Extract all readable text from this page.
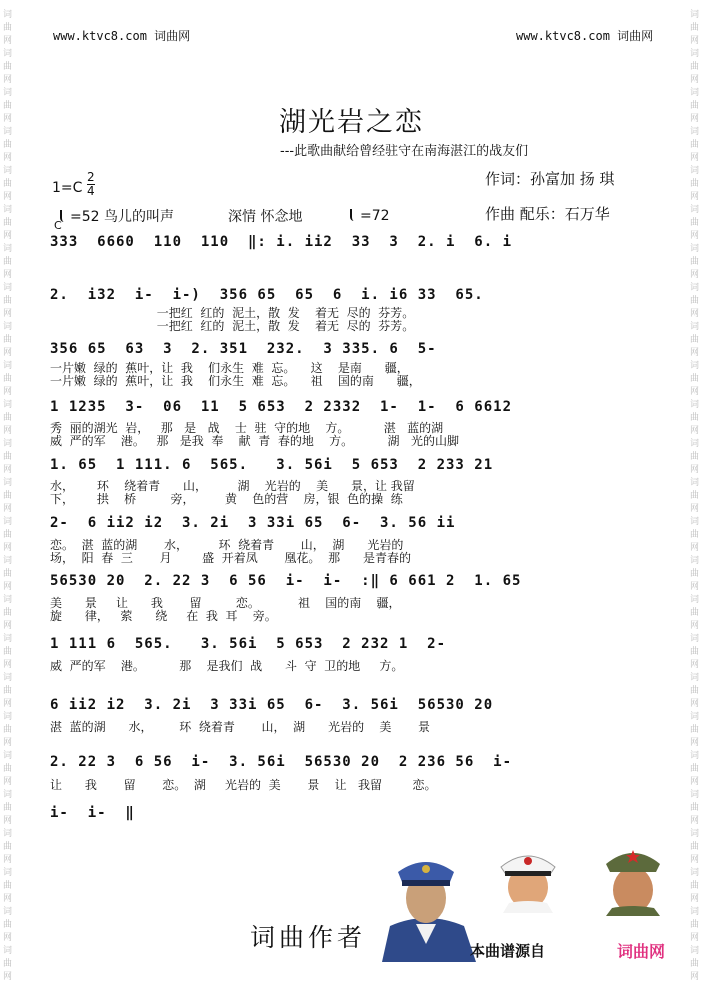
词
曲
网
词
曲
网
词
曲
网
词
曲
网
词
曲
网
词
曲
网
词
曲
网
词
曲
网
词
曲
网
词
曲
网
词
曲
网
词
曲
网
词
曲
网
词
曲
网
词
曲
网
词
曲
网
词
曲
网
词
曲
网
词
曲
网
词
曲
网
词
曲
网
词
曲
网
词
曲
网
词
曲
网
词
曲
网
词
曲
网
词
曲
网
词
曲
网
词
曲
网
词
曲
网
词
曲
网
词
曲
网
词
曲
网
词
曲
网
词
曲
网
词
曲
网
词
曲
网
词
曲
网
词
曲
网
词
曲
网
词
曲
网
词
曲
网
词
曲
网
词
曲
网
词
曲
网
词
曲
网
词
曲
网
词
曲
网
词
曲
网
词
曲
网
www.ktvc8.com 词曲网	www.ktvc8.com 词曲网
湖光岩之恋
---此歌曲献给曾经驻守在南海湛江的战友们
1=C
2
4
C
=52 鸟儿的叫声	深情 怀念地	=72
作词：孙富加 扬 琪
作曲 配乐：石万华
333  6660  110  110  ‖: i. ii2  33  3  2. i  6. i
2.  i32  i-  i-)  356 65  65  6  i. i6 33  65.
一把红  红的  泥土，散  发    着无  尽的  芬芳。
一把红  红的  泥土，散  发    着无  尽的  芬芳。
356 65  63  3  2. 351  232.  3 335. 6  5-
一片嫩  绿的  蕉叶，让  我    们永生  难  忘。    这    是南      疆，
一片嫩  绿的  蕉叶，让  我    们永生  难  忘。    祖    国的南      疆，
1 1235  3-  06  11  5 653  2 2332  1-  1-  6 6612
秀  丽的湖光  岩，   那   是   战    士  驻  守的地    方。         湛   蓝的湖
威  严的军    港。   那   是我  奉    献  青  春的地    方。         湖   光的山脚
1. 65  1 111. 6  565.   3. 56i  5 653  2 233 21
水，      环    绕着青      山，        湖    光岩的    美      景，让 我留
下，      拱    桥         旁，        黄    色的营    房，银  色的操  练
2-  6 ii2 i2  3. 2i  3 33i 65  6-  3. 56 ii
恋。  湛  蓝的湖       水，        环  绕着青       山，  湖      光岩的
场，  阳  春  三       月        盛  开着凤       凰花。  那      是青春的
56530 20  2. 22 3  6 56  i-  i-  :‖ 6 661 2  1. 65
美      景     让      我       留         恋。          祖    国的南    疆，
旋      律，   萦      绕     在  我  耳    旁。
1 111 6  565.   3. 56i  5 653  2 232 1  2-
威  严的军    港。         那    是我们  战      斗  守  卫的地     方。
6 ii2 i2  3. 2i  3 33i 65  6-  3. 56i  56530 20
湛  蓝的湖      水，       环  绕着青       山，  湖      光岩的    美       景
2. 22 3  6 56  i-  3. 56i  56530 20  2 236 56  i-
让      我       留       恋。  湖     光岩的  美       景    让   我留        恋。
i-  i-  ‖
词曲作者	本曲谱源自	词曲网
